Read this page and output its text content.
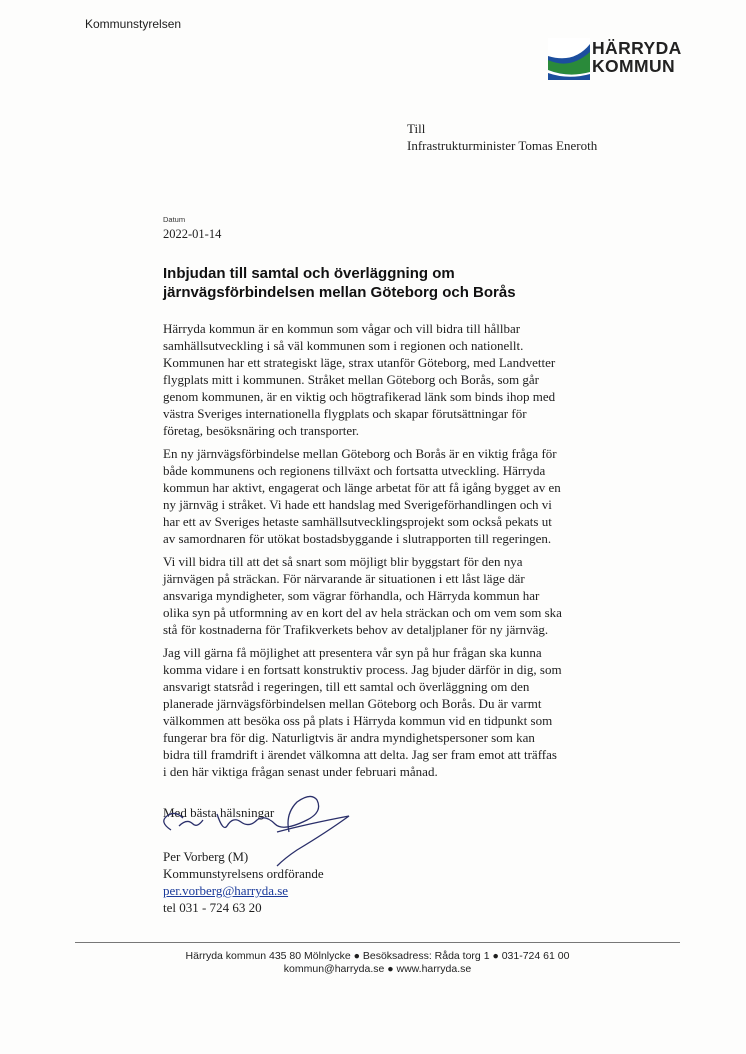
Kommunstyrelsen
HÄRRYDA
KOMMUN
Till
Infrastrukturminister Tomas Eneroth
Datum
2022-01-14
Inbjudan till samtal och överläggning om
järnvägsförbindelsen mellan Göteborg och Borås

Härryda kommun är en kommun som vågar och vill bidra till hållbar
samhällsutveckling i så väl kommunen som i regionen och nationellt.
Kommunen har ett strategiskt läge, strax utanför Göteborg, med Landvetter
flygplats mitt i kommunen. Stråket mellan Göteborg och Borås, som går
genom kommunen, är en viktig och högtrafikerad länk som binds ihop med
västra Sveriges internationella flygplats och skapar förutsättningar för
företag, besöksnäring och transporter.

En ny järnvägsförbindelse mellan Göteborg och Borås är en viktig fråga för
både kommunens och regionens tillväxt och fortsatta utveckling. Härryda
kommun har aktivt, engagerat och länge arbetat för att få igång bygget av en
ny järnväg i stråket. Vi hade ett handslag med Sverigeförhandlingen och vi
har ett av Sveriges hetaste samhällsutvecklingsprojekt som också pekats ut
av samordnaren för utökat bostadsbyggande i slutrapporten till regeringen.

Vi vill bidra till att det så snart som möjligt blir byggstart för den nya
järnvägen på sträckan. För närvarande är situationen i ett låst läge där
ansvariga myndigheter, som vägrar förhandla, och Härryda kommun har
olika syn på utformning av en kort del av hela sträckan och om vem som ska
stå för kostnaderna för Trafikverkets behov av detaljplaner för ny järnväg.

Jag vill gärna få möjlighet att presentera vår syn på hur frågan ska kunna
komma vidare i en fortsatt konstruktiv process. Jag bjuder därför in dig, som
ansvarigt statsråd i regeringen, till ett samtal och överläggning om den
planerade järnvägsförbindelsen mellan Göteborg och Borås. Du är varmt
välkommen att besöka oss på plats i Härryda kommun vid en tidpunkt som
fungerar bra för dig. Naturligtvis är andra myndighetspersoner som kan
bidra till framdrift i ärendet välkomna att delta. Jag ser fram emot att träffas
i den här viktiga frågan senast under februari månad.

Med bästa hälsningar
Per Vorberg (M)
Kommunstyrelsens ordförande
per.vorberg@harryda.se
tel 031 - 724 63 20
Härryda kommun 435 80 Mölnlycke ● Besöksadress: Råda torg 1 ● 031-724 61 00
kommun@harryda.se ● www.harryda.se
